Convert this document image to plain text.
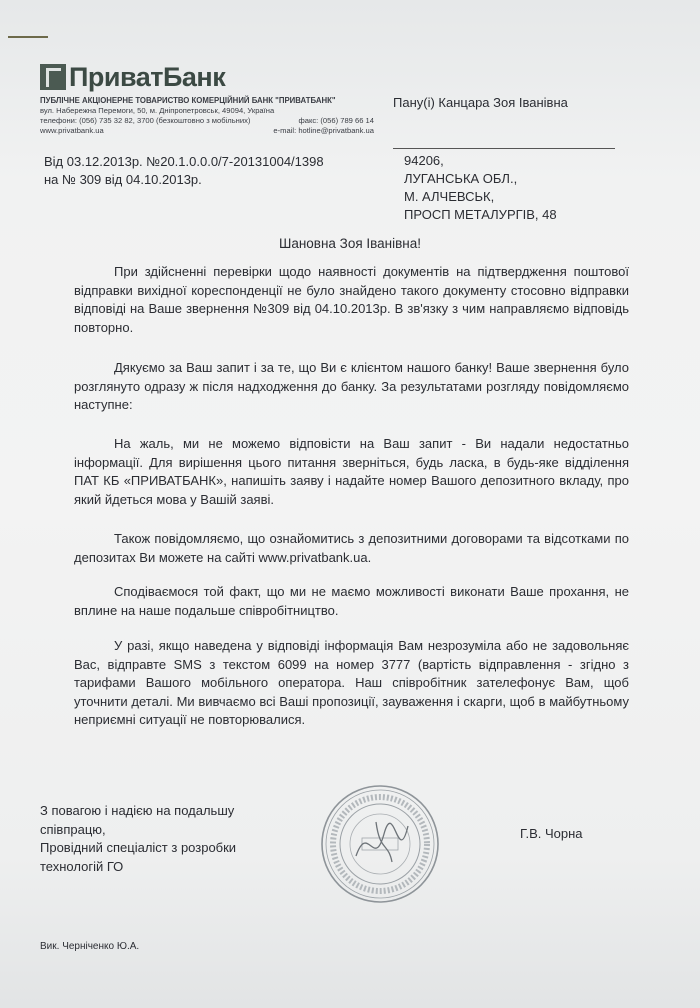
ПриватБанк
ПУБЛІЧНЕ АКЦІОНЕРНЕ ТОВАРИСТВО КОМЕРЦІЙНИЙ БАНК "ПРИВАТБАНК"
вул. Набережна Перемоги, 50, м. Дніпропетровськ, 49094, Україна
телефони: (056) 735 32 82, 3700 (безкоштовно з мобільних)	факс: (056) 789 66 14
www.privatbank.ua	e-mail: hotline@privatbank.ua
Пану(і) Канцара Зоя Іванівна
94206,
ЛУГАНСЬКА ОБЛ.,
М. АЛЧЕВСЬК,
ПРОСП МЕТАЛУРГІВ, 48
Від 03.12.2013р. №20.1.0.0.0/7-20131004/1398
на № 309 від 04.10.2013р.
Шановна Зоя Іванівна!

При здійсненні перевірки щодо наявності документів на підтвердження поштової відправки вихідної кореспонденції не було знайдено такого документу стосовно відправки відповіді на Ваше звернення №309 від 04.10.2013р. В зв'язку з чим направляємо відповідь повторно.

Дякуємо за Ваш запит і за те, що Ви є клієнтом нашого банку! Ваше звернення було розглянуто одразу ж після надходження до банку. За результатами розгляду повідомляємо наступне:

На жаль, ми не можемо відповісти на Ваш запит - Ви надали недостатньо інформації. Для вирішення цього питання зверніться, будь ласка, в будь-яке відділення ПАТ КБ «ПРИВАТБАНК», напишіть заяву і надайте номер Вашого депозитного вкладу, про який йдеться мова у Вашій заяві.

Також повідомляємо, що ознайомитись з депозитними договорами та відсотками по депозитах Ви можете на сайті www.privatbank.ua.

Сподіваємося той факт, що ми не маємо можливості виконати Ваше прохання, не вплине на наше подальше співробітництво.

У разі, якщо наведена у відповіді інформація Вам незрозуміла або не задовольняє Вас, відправте SMS з текстом 6099 на номер 3777 (вартість відправлення - згідно з тарифами Вашого мобільного оператора. Наш співробітник зателефонує Вам, щоб уточнити деталі. Ми вивчаємо всі Ваші пропозиції, зауваження і скарги, щоб в майбутньому неприємні ситуації не повторювалися.

З повагою і надією на подальшу
співпрацю,
Провідний спеціаліст з розробки
технологій ГО
Г.В. Чорна
Вик. Черніченко Ю.А.
